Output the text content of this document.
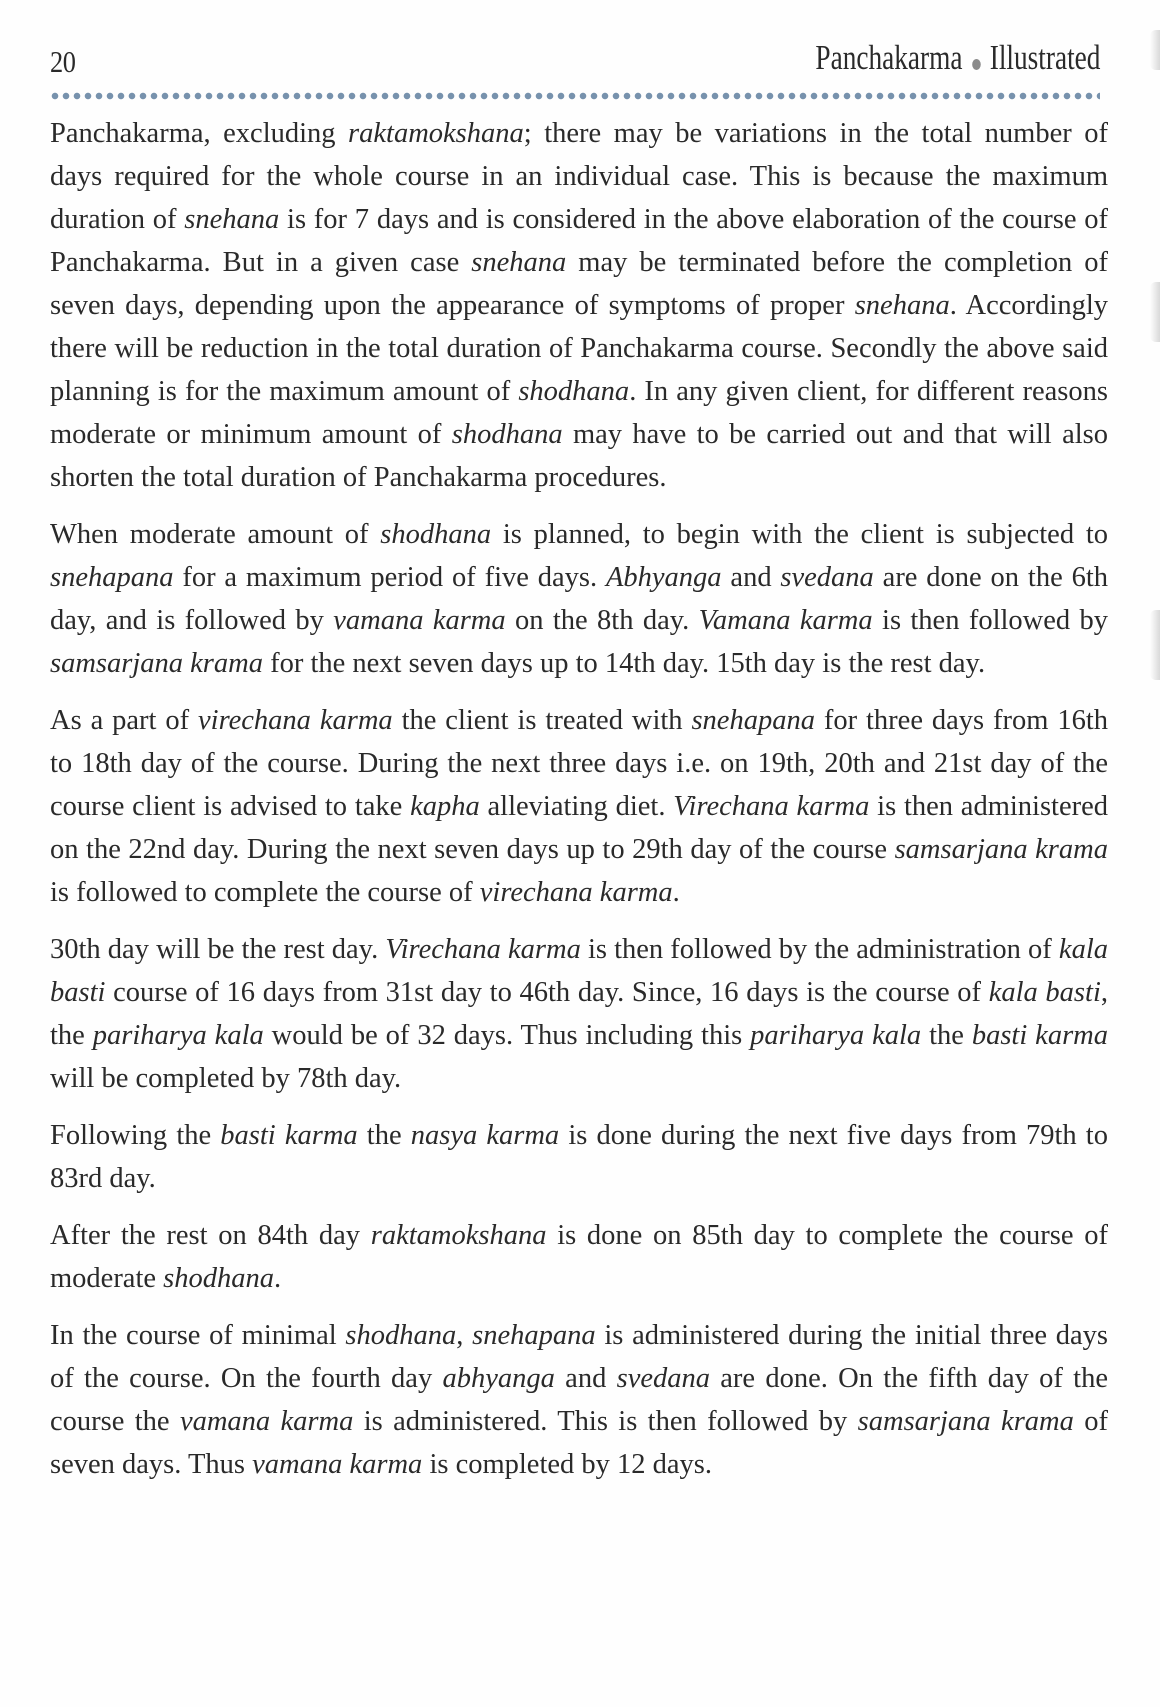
20	Panchakarma Illustrated

Panchakarma, excluding raktamokshana; there may be variations in the total number of days required for the whole course in an individual case. This is because the maximum duration of snehana is for 7 days and is considered in the above elaboration of the course of Panchakarma. But in a given case snehana may be terminated before the completion of seven days, depending upon the appearance of symptoms of proper snehana. Accordingly there will be reduction in the total duration of Panchakarma course. Secondly the above said planning is for the maximum amount of shodhana. In any given client, for different reasons moderate or minimum amount of shodhana may have to be carried out and that will also shorten the total duration of Panchakarma procedures.

When moderate amount of shodhana is planned, to begin with the client is subjected to snehapana for a maximum period of five days. Abhyanga and svedana are done on the 6th day, and is followed by vamana karma on the 8th day. Vamana karma is then followed by samsarjana krama for the next seven days up to 14th day. 15th day is the rest day.

As a part of virechana karma the client is treated with snehapana for three days from 16th to 18th day of the course. During the next three days i.e. on 19th, 20th and 21st day of the course client is advised to take kapha alleviating diet. Virechana karma is then administered on the 22nd day. During the next seven days up to 29th day of the course samsarjana krama is followed to complete the course of virechana karma.

30th day will be the rest day. Virechana karma is then followed by the administration of kala basti course of 16 days from 31st day to 46th day. Since, 16 days is the course of kala basti, the pariharya kala would be of 32 days. Thus including this pariharya kala the basti karma will be completed by 78th day.

Following the basti karma the nasya karma is done during the next five days from 79th to 83rd day.

After the rest on 84th day raktamokshana is done on 85th day to complete the course of moderate shodhana.

In the course of minimal shodhana, snehapana is administered during the initial three days of the course. On the fourth day abhyanga and svedana are done. On the fifth day of the course the vamana karma is administered. This is then followed by samsarjana krama of seven days. Thus vamana karma is completed by 12 days.
